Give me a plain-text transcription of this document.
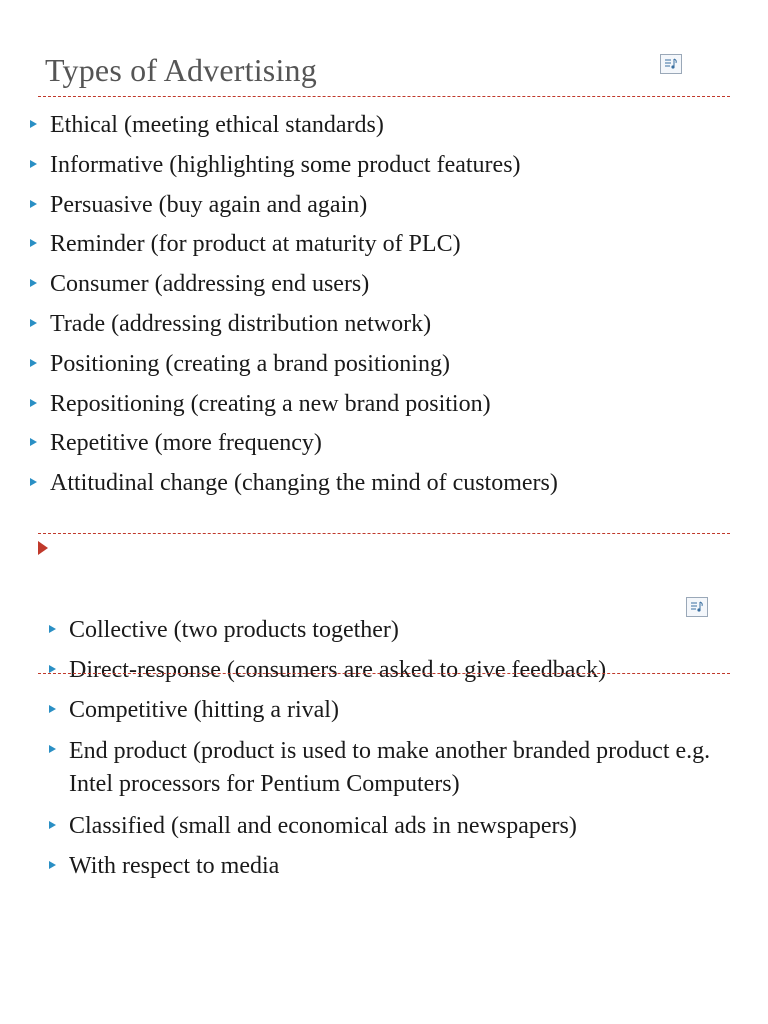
Types of Advertising
Ethical (meeting ethical standards)
Informative (highlighting some product features)
Persuasive (buy again and again)
Reminder (for product at maturity of PLC)
Consumer (addressing end users)
Trade (addressing distribution network)
Positioning (creating a brand positioning)
Repositioning (creating a new brand position)
Repetitive (more frequency)
Attitudinal change (changing the mind of customers)
Collective (two products together)
Direct-response (consumers are asked to give feedback)
Competitive (hitting a rival)
End product (product is used to make another branded product e.g. Intel processors for Pentium Computers)
Classified (small and economical ads in newspapers)
With respect to media
